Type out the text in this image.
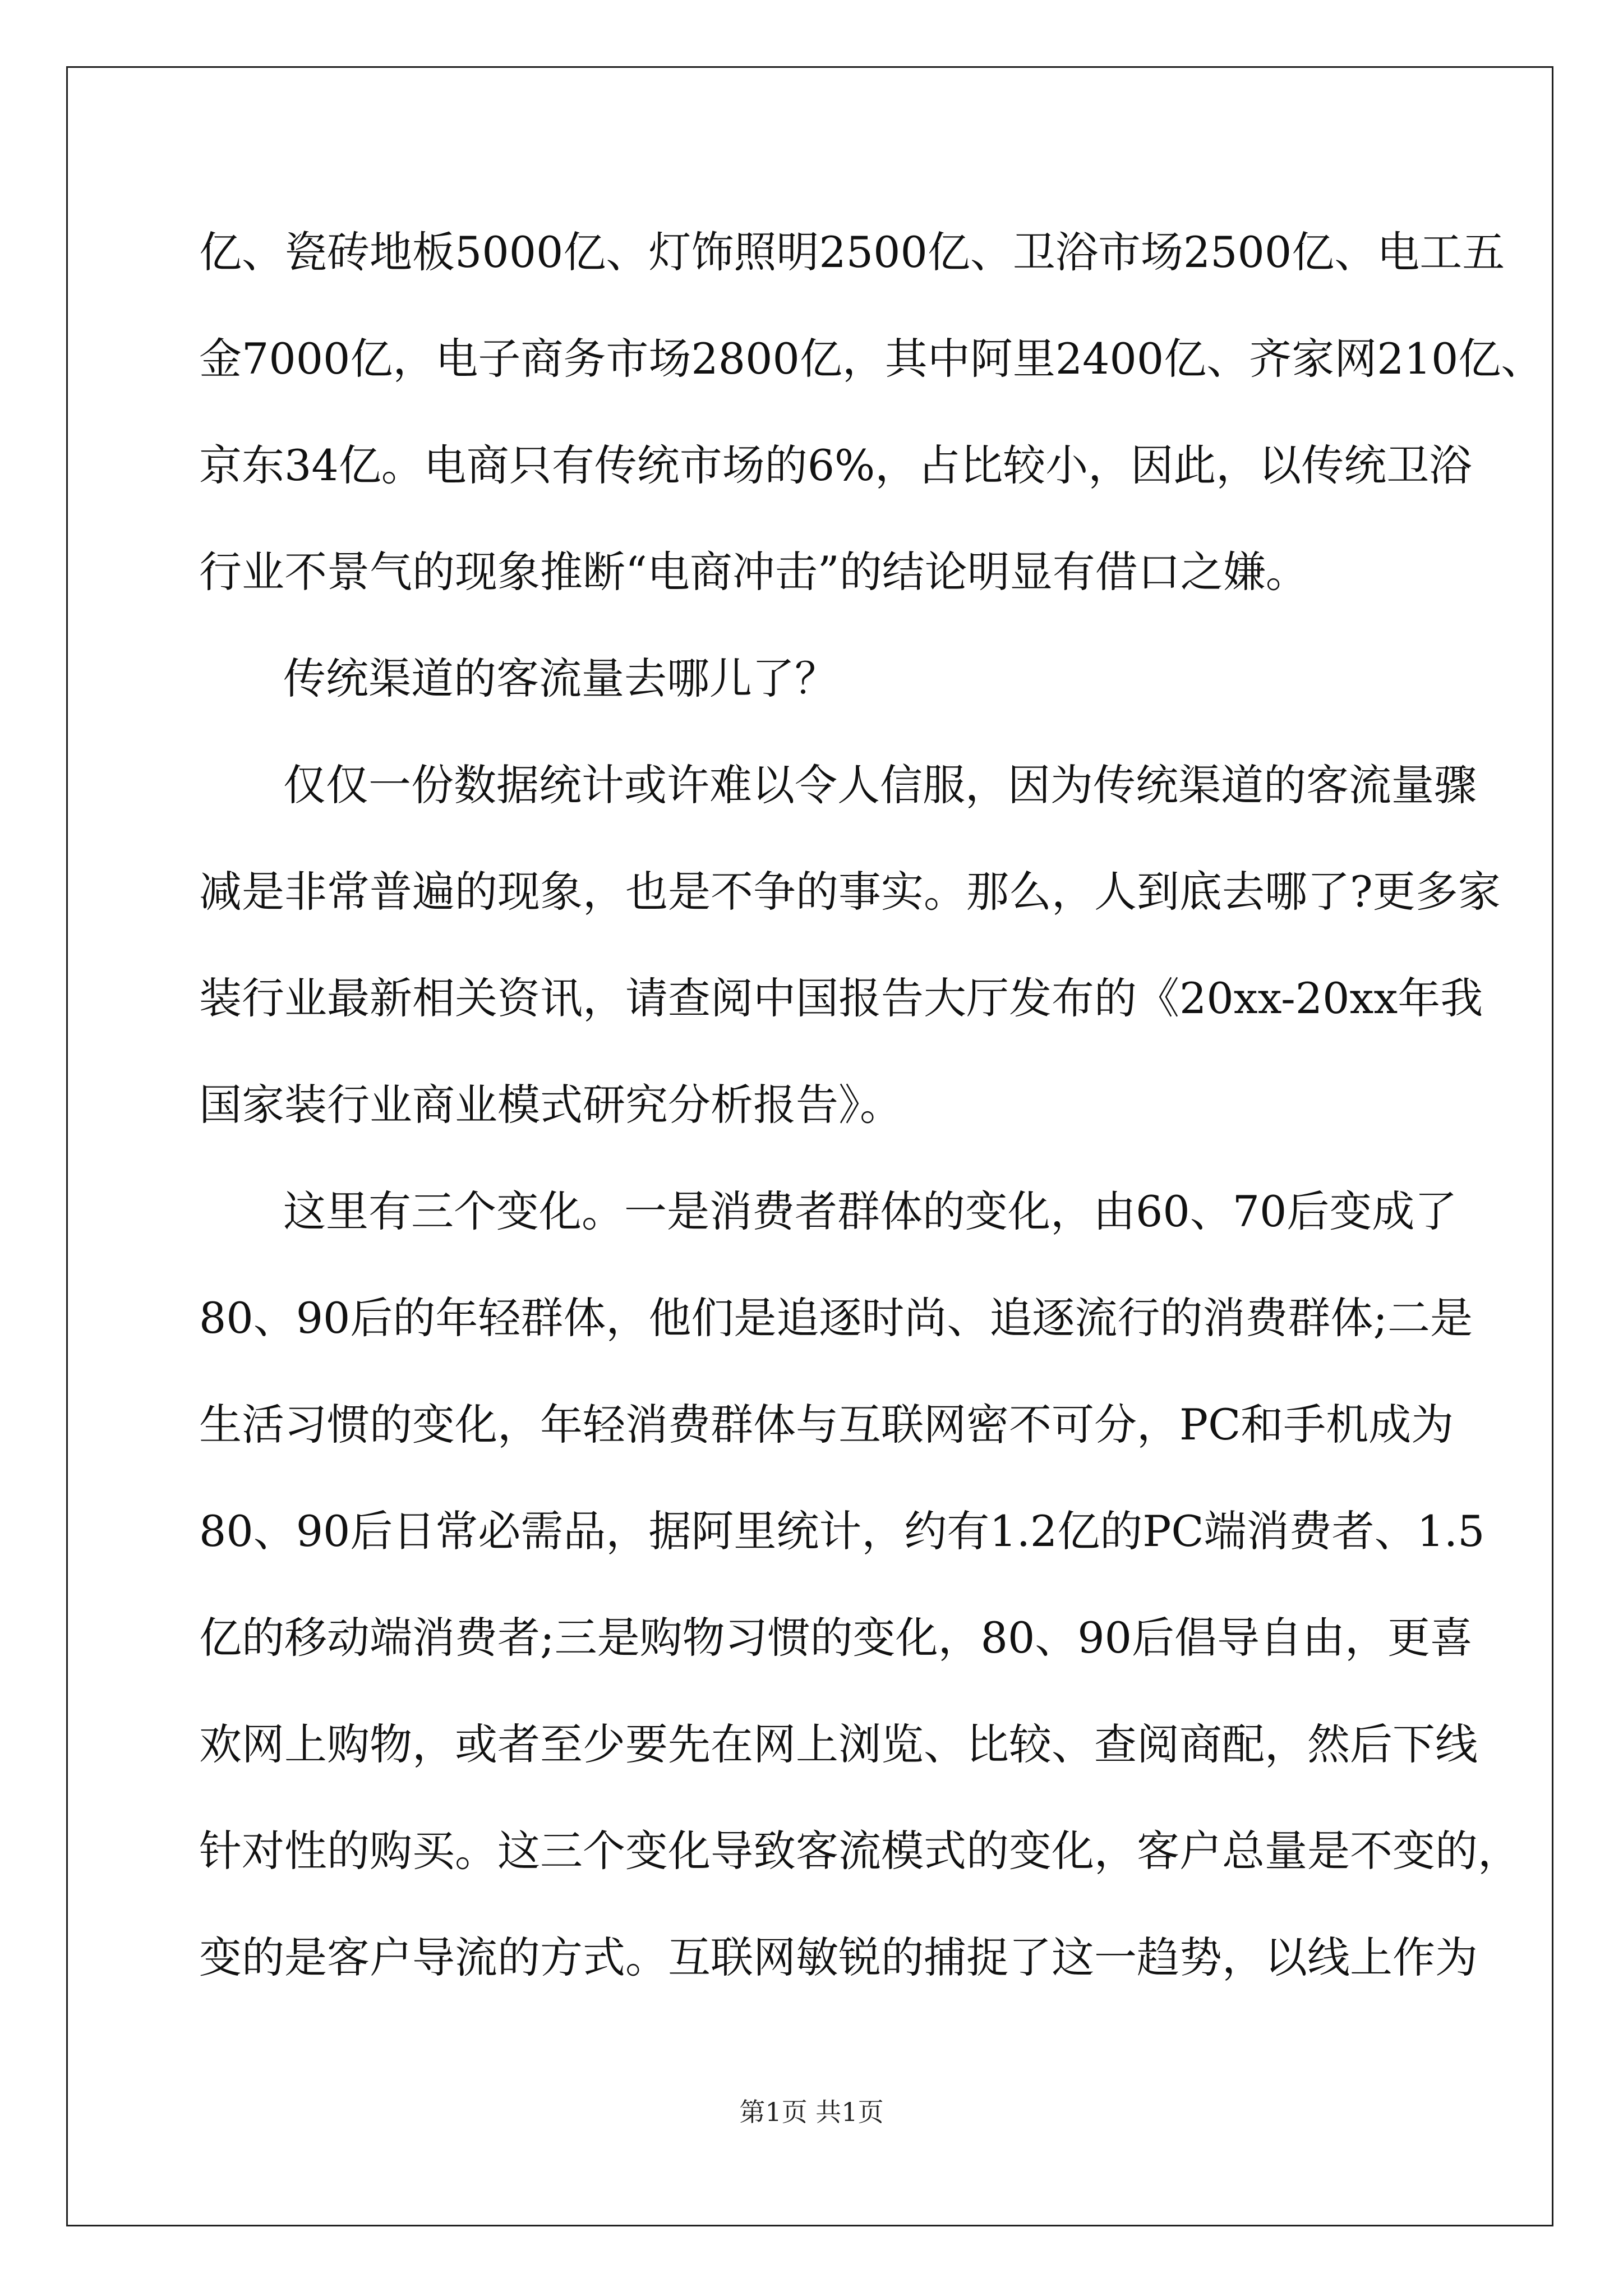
亿、瓷砖地板5000亿、灯饰照明2500亿、卫浴市场2500亿、电工五
金7000亿，电子商务市场2800亿，其中阿里2400亿、齐家网210亿、
京东34亿。电商只有传统市场的6%，占比较小，因此，以传统卫浴
行业不景气的现象推断“电商冲击”的结论明显有借口之嫌。
传统渠道的客流量去哪儿了？
仅仅一份数据统计或许难以令人信服，因为传统渠道的客流量骤
减是非常普遍的现象，也是不争的事实。那么，人到底去哪了?更多家
装行业最新相关资讯，请查阅中国报告大厅发布的《20xx-20xx年我
国家装行业商业模式研究分析报告》。
这里有三个变化。一是消费者群体的变化，由60、70后变成了
80、90后的年轻群体，他们是追逐时尚、追逐流行的消费群体;二是
生活习惯的变化，年轻消费群体与互联网密不可分，PC和手机成为
80、90后日常必需品，据阿里统计，约有1.2亿的PC端消费者、1.5
亿的移动端消费者;三是购物习惯的变化，80、90后倡导自由，更喜
欢网上购物，或者至少要先在网上浏览、比较、查阅商配，然后下线
针对性的购买。这三个变化导致客流模式的变化，客户总量是不变的，
变的是客户导流的方式。互联网敏锐的捕捉了这一趋势，以线上作为
第1页 共1页
